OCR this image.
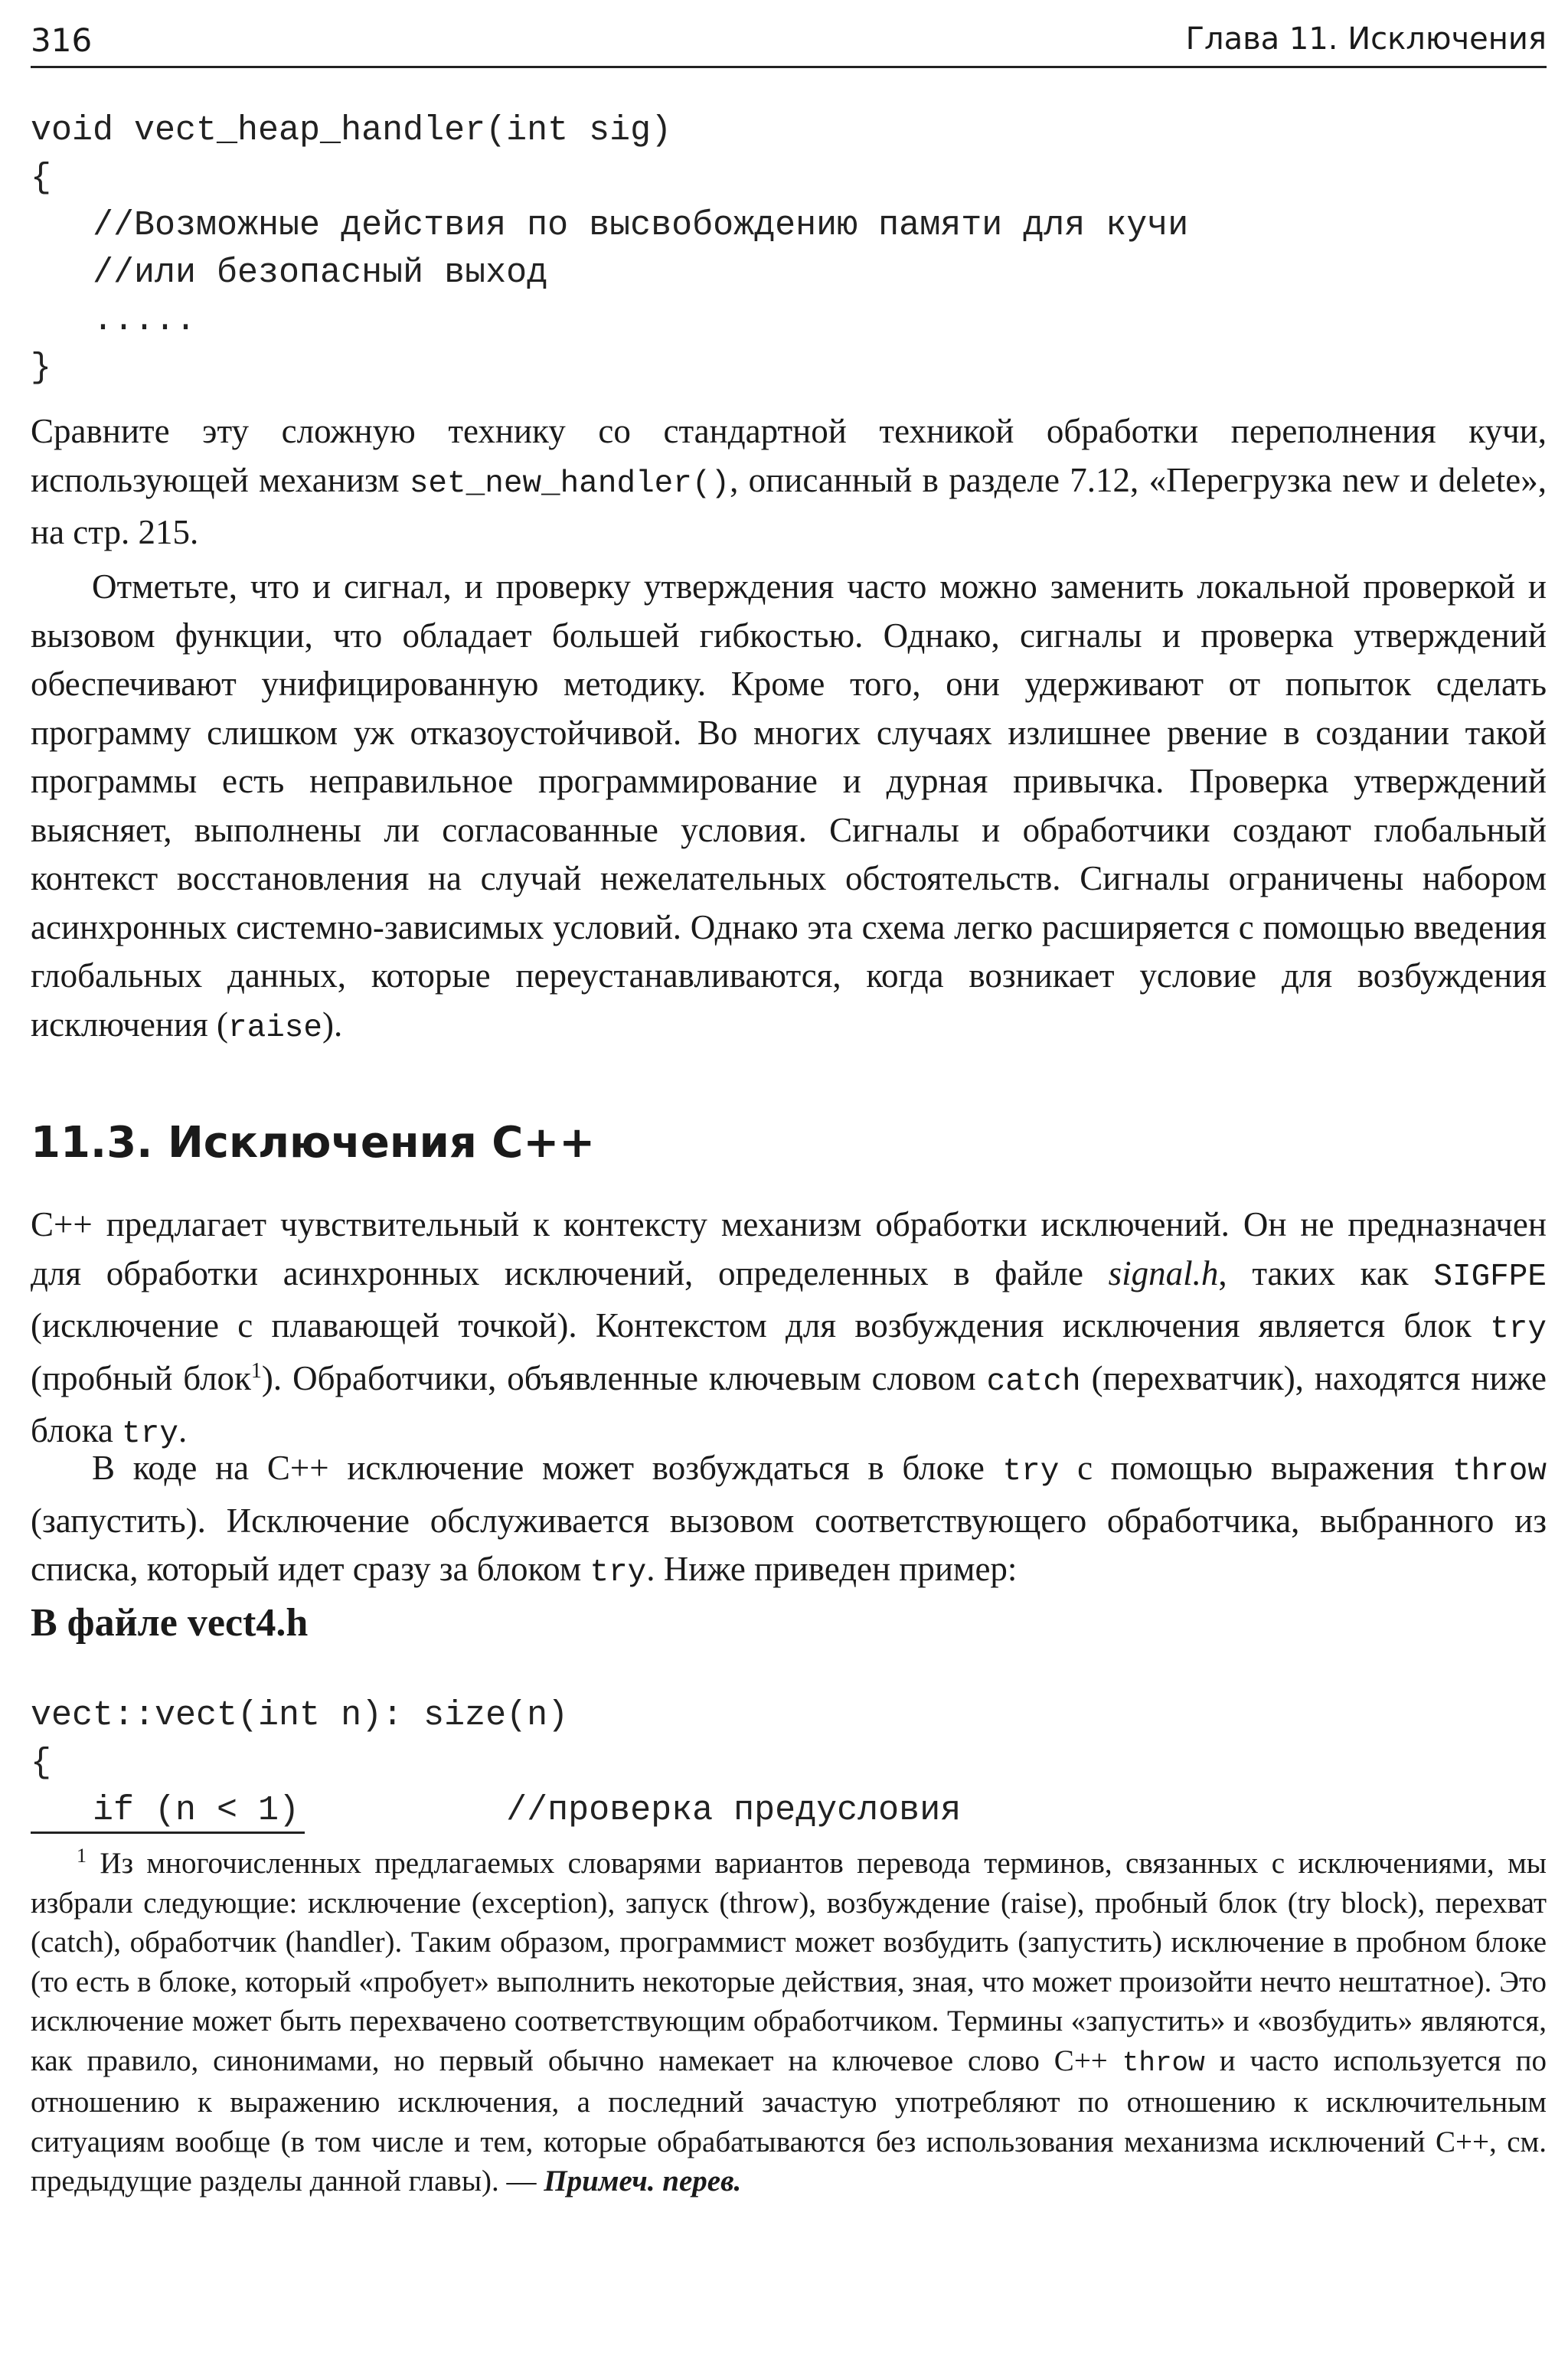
316	Глава 11. Исключения
void vect_heap_handler(int sig)
{
//Возможные действия по высвобождению памяти для кучи
//или безопасный выход
.....
}

Сравните эту сложную технику со стандартной техникой обработки переполнения кучи, использующей механизм set_new_handler(), описанный в разделе 7.12, «Перегрузка new и delete», на стр. 215.

Отметьте, что и сигнал, и проверку утверждения часто можно заменить локальной проверкой и вызовом функции, что обладает большей гибкостью. Однако, сигналы и проверка утверждений обеспечивают унифицированную методику. Кроме того, они удерживают от попыток сделать программу слишком уж отказоустойчивой. Во многих случаях излишнее рвение в создании такой программы есть неправильное программирование и дурная привычка. Проверка утверждений выясняет, выполнены ли согласованные условия. Сигналы и обработчики создают глобальный контекст восстановления на случай нежелательных обстоятельств. Сигналы ограничены набором асинхронных системно-зависимых условий. Однако эта схема легко расширяется с помощью введения глобальных данных, которые переустанавливаются, когда возникает условие для возбуждения исключения (raise).

11.3. Исключения С++

С++ предлагает чувствительный к контексту механизм обработки исключений. Он не предназначен для обработки асинхронных исключений, определенных в файле signal.h, таких как SIGFPE (исключение с плавающей точкой). Контекстом для возбуждения исключения является блок try (пробный блок$^1$). Обработчики, объявленные ключевым словом catch (перехватчик), находятся ниже блока try.

В коде на С++ исключение может возбуждаться в блоке try с помощью выражения throw (запустить). Исключение обслуживается вызовом соответствующего обработчика, выбранного из списка, который идет сразу за блоком try. Ниже приведен пример:

В файле vect4.h
vect::vect(int n): size(n)
{
if (n < 1)          //проверка предусловия

$^1$ Из многочисленных предлагаемых словарями вариантов перевода терминов, связанных с исключениями, мы избрали следующие: исключение (exception), запуск (throw), возбуждение (raise), пробный блок (try block), перехват (catch), обработчик (handler). Таким образом, программист может возбудить (запустить) исключение в пробном блоке (то есть в блоке, который «пробует» выполнить некоторые действия, зная, что может произойти нечто нештатное). Это исключение может быть перехвачено соответствующим обработчиком. Термины «запустить» и «возбудить» являются, как правило, синонимами, но первый обычно намекает на ключевое слово С++ throw и часто используется по отношению к выражению исключения, а последний зачастую употребляют по отношению к исключительным ситуациям вообще (в том числе и тем, которые обрабатываются без использования механизма исключений С++, см. предыдущие разделы данной главы). — Примеч. перев.
